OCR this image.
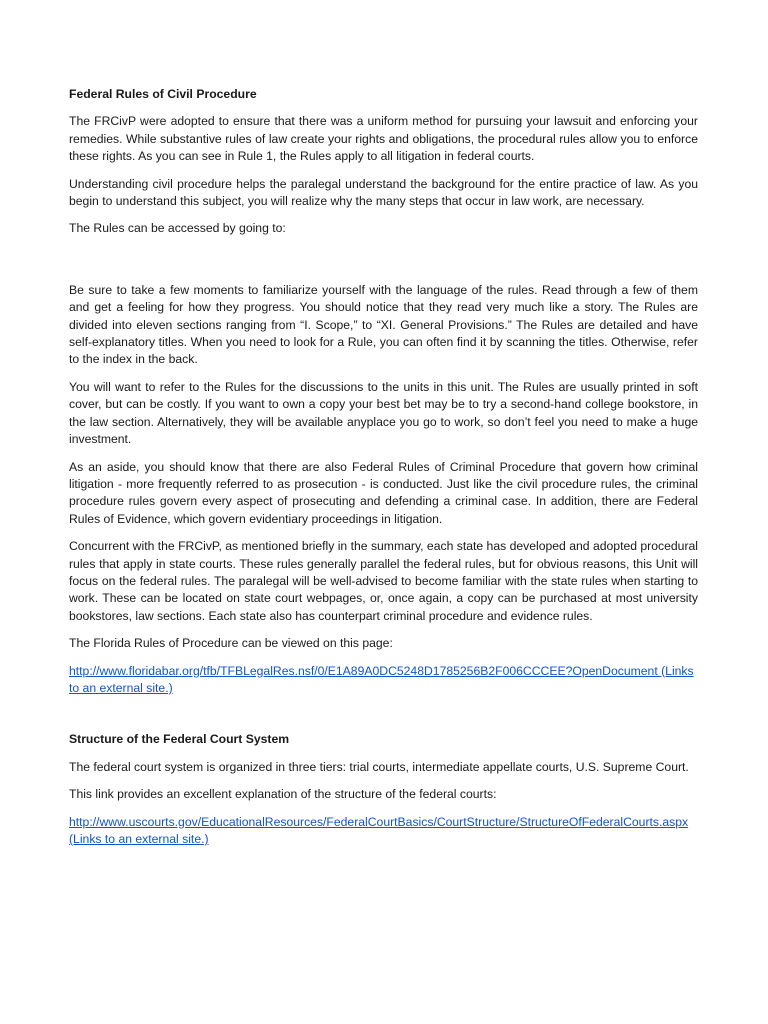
Federal Rules of Civil Procedure

The FRCivP were adopted to ensure that there was a uniform method for pursuing your lawsuit and enforcing your remedies. While substantive rules of law create your rights and obligations, the procedural rules allow you to enforce these rights. As you can see in Rule 1, the Rules apply to all litigation in federal courts.

Understanding civil procedure helps the paralegal understand the background for the entire practice of law. As you begin to understand this subject, you will realize why the many steps that occur in law work, are necessary.

The Rules can be accessed by going to:

Be sure to take a few moments to familiarize yourself with the language of the rules. Read through a few of them and get a feeling for how they progress. You should notice that they read very much like a story. The Rules are divided into eleven sections ranging from “I. Scope,” to “XI. General Provisions.” The Rules are detailed and have self-explanatory titles. When you need to look for a Rule, you can often find it by scanning the titles. Otherwise, refer to the index in the back.

You will want to refer to the Rules for the discussions to the units in this unit. The Rules are usually printed in soft cover, but can be costly. If you want to own a copy your best bet may be to try a second-hand college bookstore, in the law section. Alternatively, they will be available anyplace you go to work, so don’t feel you need to make a huge investment.

As an aside, you should know that there are also Federal Rules of Criminal Procedure that govern how criminal litigation - more frequently referred to as prosecution - is conducted. Just like the civil procedure rules, the criminal procedure rules govern every aspect of prosecuting and defending a criminal case. In addition, there are Federal Rules of Evidence, which govern evidentiary proceedings in litigation.

Concurrent with the FRCivP, as mentioned briefly in the summary, each state has developed and adopted procedural rules that apply in state courts. These rules generally parallel the federal rules, but for obvious reasons, this Unit will focus on the federal rules. The paralegal will be well-advised to become familiar with the state rules when starting to work. These can be located on state court webpages, or, once again, a copy can be purchased at most university bookstores, law sections. Each state also has counterpart criminal procedure and evidence rules.

The Florida Rules of Procedure can be viewed on this page:

http://www.floridabar.org/tfb/TFBLegalRes.nsf/0/E1A89A0DC5248D1785256B2F006CCCEE?OpenDocument (Links to an external site.)

Structure of the Federal Court System

The federal court system is organized in three tiers: trial courts, intermediate appellate courts, U.S. Supreme Court.

This link provides an excellent explanation of the structure of the federal courts:

http://www.uscourts.gov/EducationalResources/FederalCourtBasics/CourtStructure/StructureOfFederalCourts.aspx (Links to an external site.)
